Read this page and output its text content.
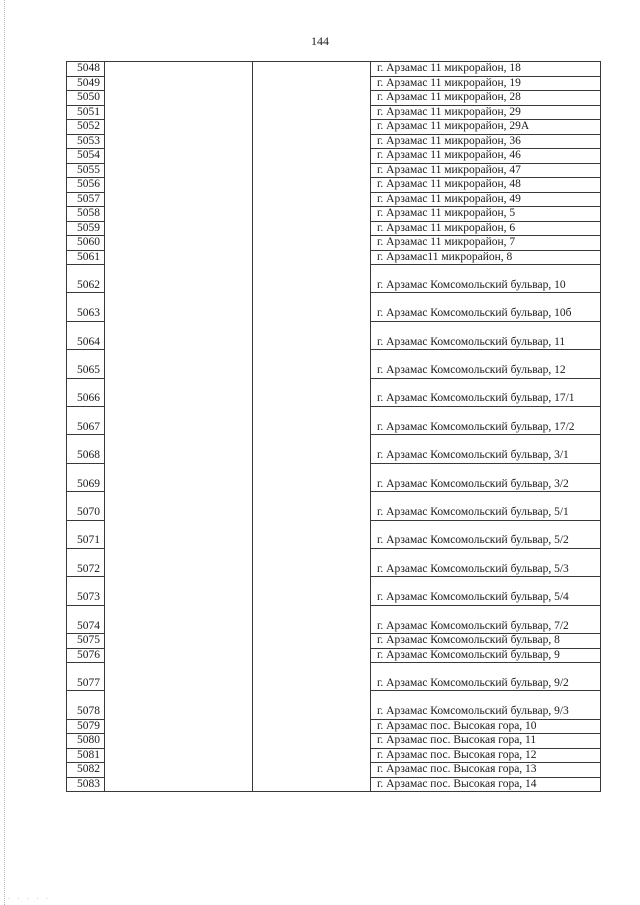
144
5048			г. Арзамас 11 микрорайон, 18
5049			г. Арзамас 11 микрорайон, 19
5050			г. Арзамас 11 микрорайон, 28
5051			г. Арзамас 11 микрорайон, 29
5052			г. Арзамас 11 микрорайон, 29А
5053			г. Арзамас 11 микрорайон, 36
5054			г. Арзамас 11 микрорайон, 46
5055			г. Арзамас 11 микрорайон, 47
5056			г. Арзамас 11 микрорайон, 48
5057			г. Арзамас 11 микрорайон, 49
5058			г. Арзамас 11 микрорайон, 5
5059			г. Арзамас 11 микрорайон, 6
5060			г. Арзамас 11 микрорайон, 7
5061			г. Арзамас11 микрорайон, 8
5062			г. Арзамас Комсомольский бульвар, 10
5063			г. Арзамас Комсомольский бульвар, 10б
5064			г. Арзамас Комсомольский бульвар, 11
5065			г. Арзамас Комсомольский бульвар, 12
5066			г. Арзамас Комсомольский бульвар, 17/1
5067			г. Арзамас Комсомольский бульвар, 17/2
5068			г. Арзамас Комсомольский бульвар, 3/1
5069			г. Арзамас Комсомольский бульвар, 3/2
5070			г. Арзамас Комсомольский бульвар, 5/1
5071			г. Арзамас Комсомольский бульвар, 5/2
5072			г. Арзамас Комсомольский бульвар, 5/3
5073			г. Арзамас Комсомольский бульвар, 5/4
5074			г. Арзамас Комсомольский бульвар, 7/2
5075			г. Арзамас Комсомольский бульвар, 8
5076			г. Арзамас Комсомольский бульвар, 9
5077			г. Арзамас Комсомольский бульвар, 9/2
5078			г. Арзамас Комсомольский бульвар, 9/3
5079			г. Арзамас пос. Высокая гора, 10
5080			г. Арзамас пос. Высокая гора, 11
5081			г. Арзамас пос. Высокая гора, 12
5082			г. Арзамас пос. Высокая гора, 13
5083			г. Арзамас пос. Высокая гора, 14
. . . . .
